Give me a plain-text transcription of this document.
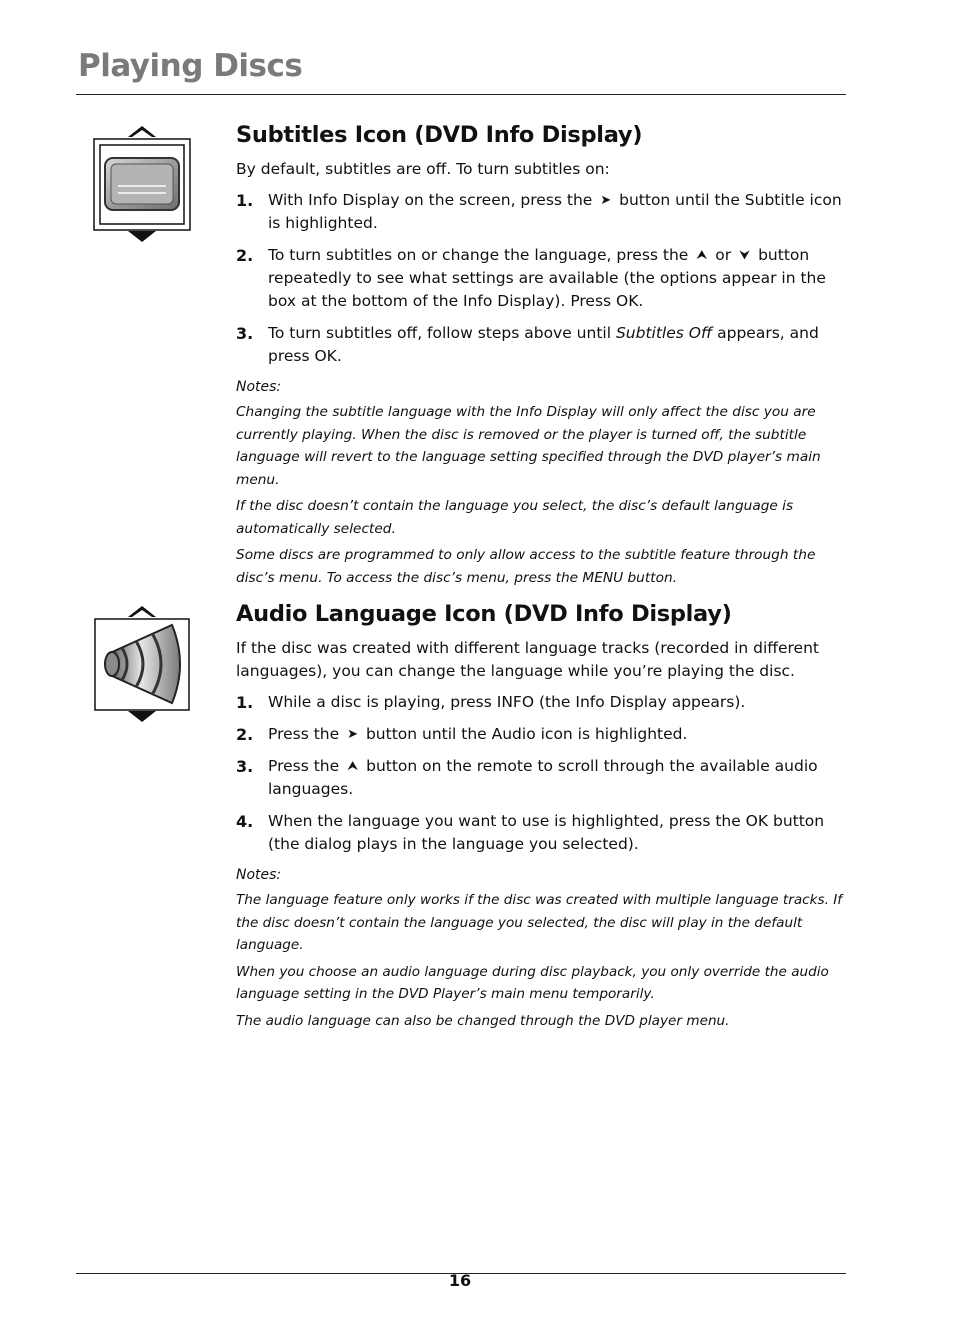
Playing Discs
Subtitles Icon (DVD Info Display)

By default, subtitles are off. To turn subtitles on:

1. With Info Display on the screen, press the ➤ button until the Subtitle icon is highlighted.
2. To turn subtitles on or change the language, press the ⮝ or ⮟ button repeatedly to see what settings are available (the options appear in the box at the bottom of the Info Display). Press OK.
3. To turn subtitles off, follow steps above until Subtitles Off appears, and press OK.

Notes:

Changing the subtitle language with the Info Display will only affect the disc you are currently playing. When the disc is removed or the player is turned off, the subtitle language will revert to the language setting specified through the DVD player’s main menu.

If the disc doesn’t contain the language you select, the disc’s default language is automatically selected.

Some discs are programmed to only allow access to the subtitle feature through the disc’s menu. To access the disc’s menu, press the MENU button.

Audio Language Icon (DVD Info Display)

If the disc was created with different language tracks (recorded in different languages), you can change the language while you’re playing the disc.

1. While a disc is playing, press INFO (the Info Display appears).
2. Press the ➤ button until the Audio icon is highlighted.
3. Press the ⮝ button on the remote to scroll through the available audio languages.
4. When the language you want to use is highlighted, press the OK button (the dialog plays in the language you selected).

Notes:

The language feature only works if the disc was created with multiple language tracks. If the disc doesn’t contain the language you selected, the disc will play in the default language.

When you choose an audio language during disc playback, you only override the audio language setting in the DVD Player’s main menu temporarily.

The audio language can also be changed through the DVD player menu.

16
